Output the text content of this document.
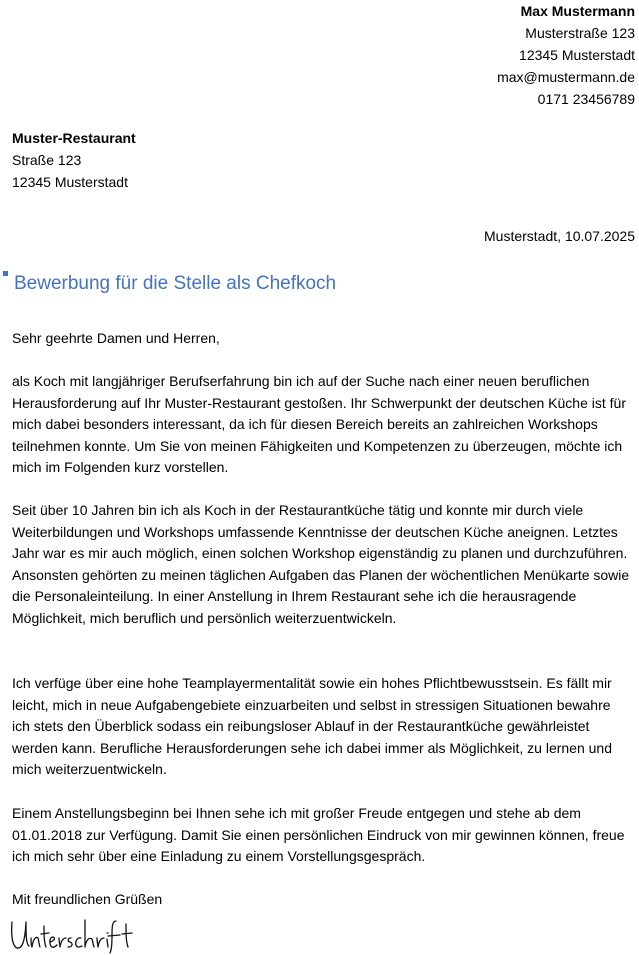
Max Mustermann
Musterstraße 123
12345 Musterstadt
max@mustermann.de
0171 23456789
Muster-Restaurant
Straße 123
12345 Musterstadt
Musterstadt, 10.07.2025
Bewerbung für die Stelle als Chefkoch
Sehr geehrte Damen und Herren,
als Koch mit langjähriger Berufserfahrung bin ich auf der Suche nach einer neuen beruflichen Herausforderung auf Ihr Muster-Restaurant gestoßen. Ihr Schwerpunkt der deutschen Küche ist für mich dabei besonders interessant, da ich für diesen Bereich bereits an zahlreichen Workshops teilnehmen konnte. Um Sie von meinen Fähigkeiten und Kompetenzen zu überzeugen, möchte ich mich im Folgenden kurz vorstellen.
Seit über 10 Jahren bin ich als Koch in der Restaurantküche tätig und konnte mir durch viele Weiterbildungen und Workshops umfassende Kenntnisse der deutschen Küche aneignen. Letztes Jahr war es mir auch möglich, einen solchen Workshop eigenständig zu planen und durchzuführen. Ansonsten gehörten zu meinen täglichen Aufgaben das Planen der wöchentlichen Menükarte sowie die Personaleinteilung. In einer Anstellung in Ihrem Restaurant sehe ich die herausragende Möglichkeit, mich beruflich und persönlich weiterzuentwickeln.
Ich verfüge über eine hohe Teamplayermentalität sowie ein hohes Pflichtbewusstsein. Es fällt mir leicht, mich in neue Aufgabengebiete einzuarbeiten und selbst in stressigen Situationen bewahre ich stets den Überblick sodass ein reibungsloser Ablauf in der Restaurantküche gewährleistet werden kann. Berufliche Herausforderungen sehe ich dabei immer als Möglichkeit, zu lernen und mich weiterzuentwickeln.
Einem Anstellungsbeginn bei Ihnen sehe ich mit großer Freude entgegen und stehe ab dem 01.01.2018 zur Verfügung. Damit Sie einen persönlichen Eindruck von mir gewinnen können, freue ich mich sehr über eine Einladung zu einem Vorstellungsgespräch.
Mit freundlichen Grüßen
